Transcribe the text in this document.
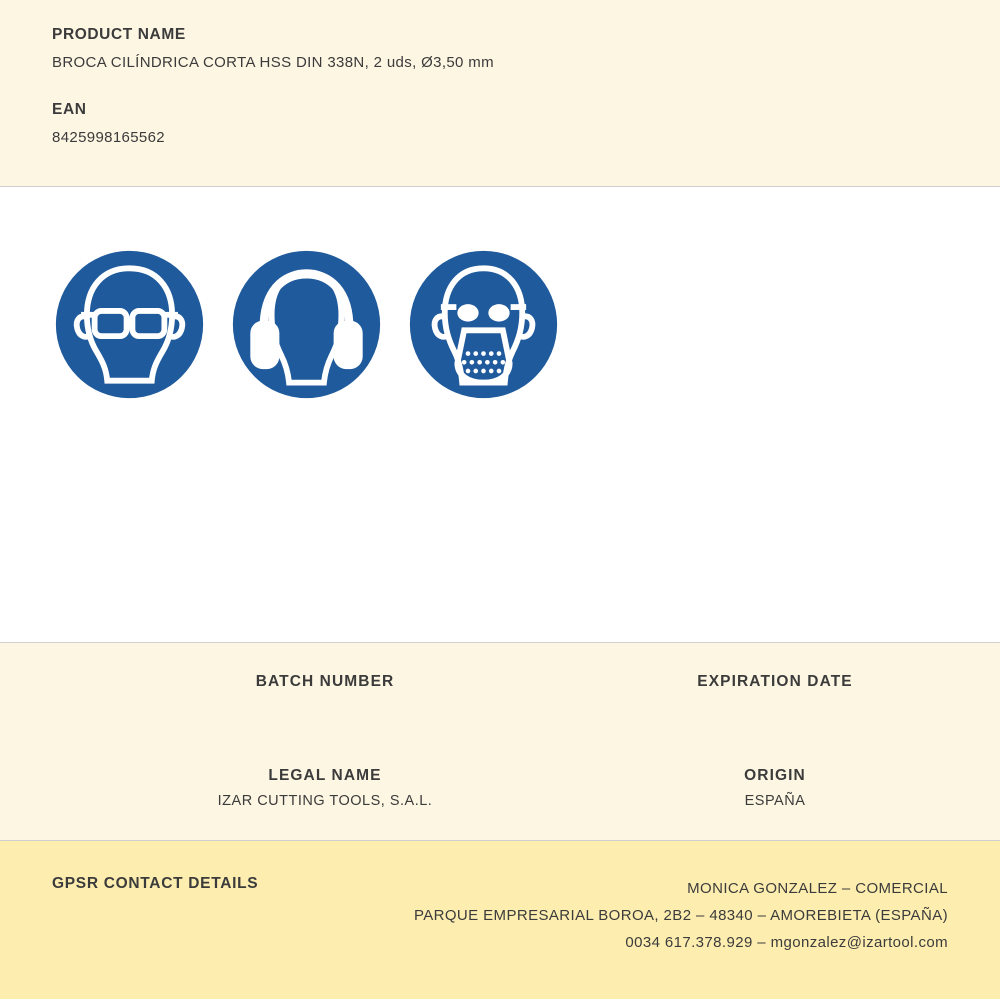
PRODUCT NAME

BROCA CILÍNDRICA CORTA HSS DIN 338N, 2 uds, Ø3,50 mm

EAN

8425998165562

BATCH NUMBER	EXPIRATION DATE

LEGAL NAME

IZAR CUTTING TOOLS, S.A.L.

ORIGIN

ESPAÑA

GPSR CONTACT DETAILS	MONICA GONZALEZ – COMERCIAL
PARQUE EMPRESARIAL BOROA, 2B2 – 48340 – AMOREBIETA (ESPAÑA)
0034 617.378.929 – mgonzalez@izartool.com
